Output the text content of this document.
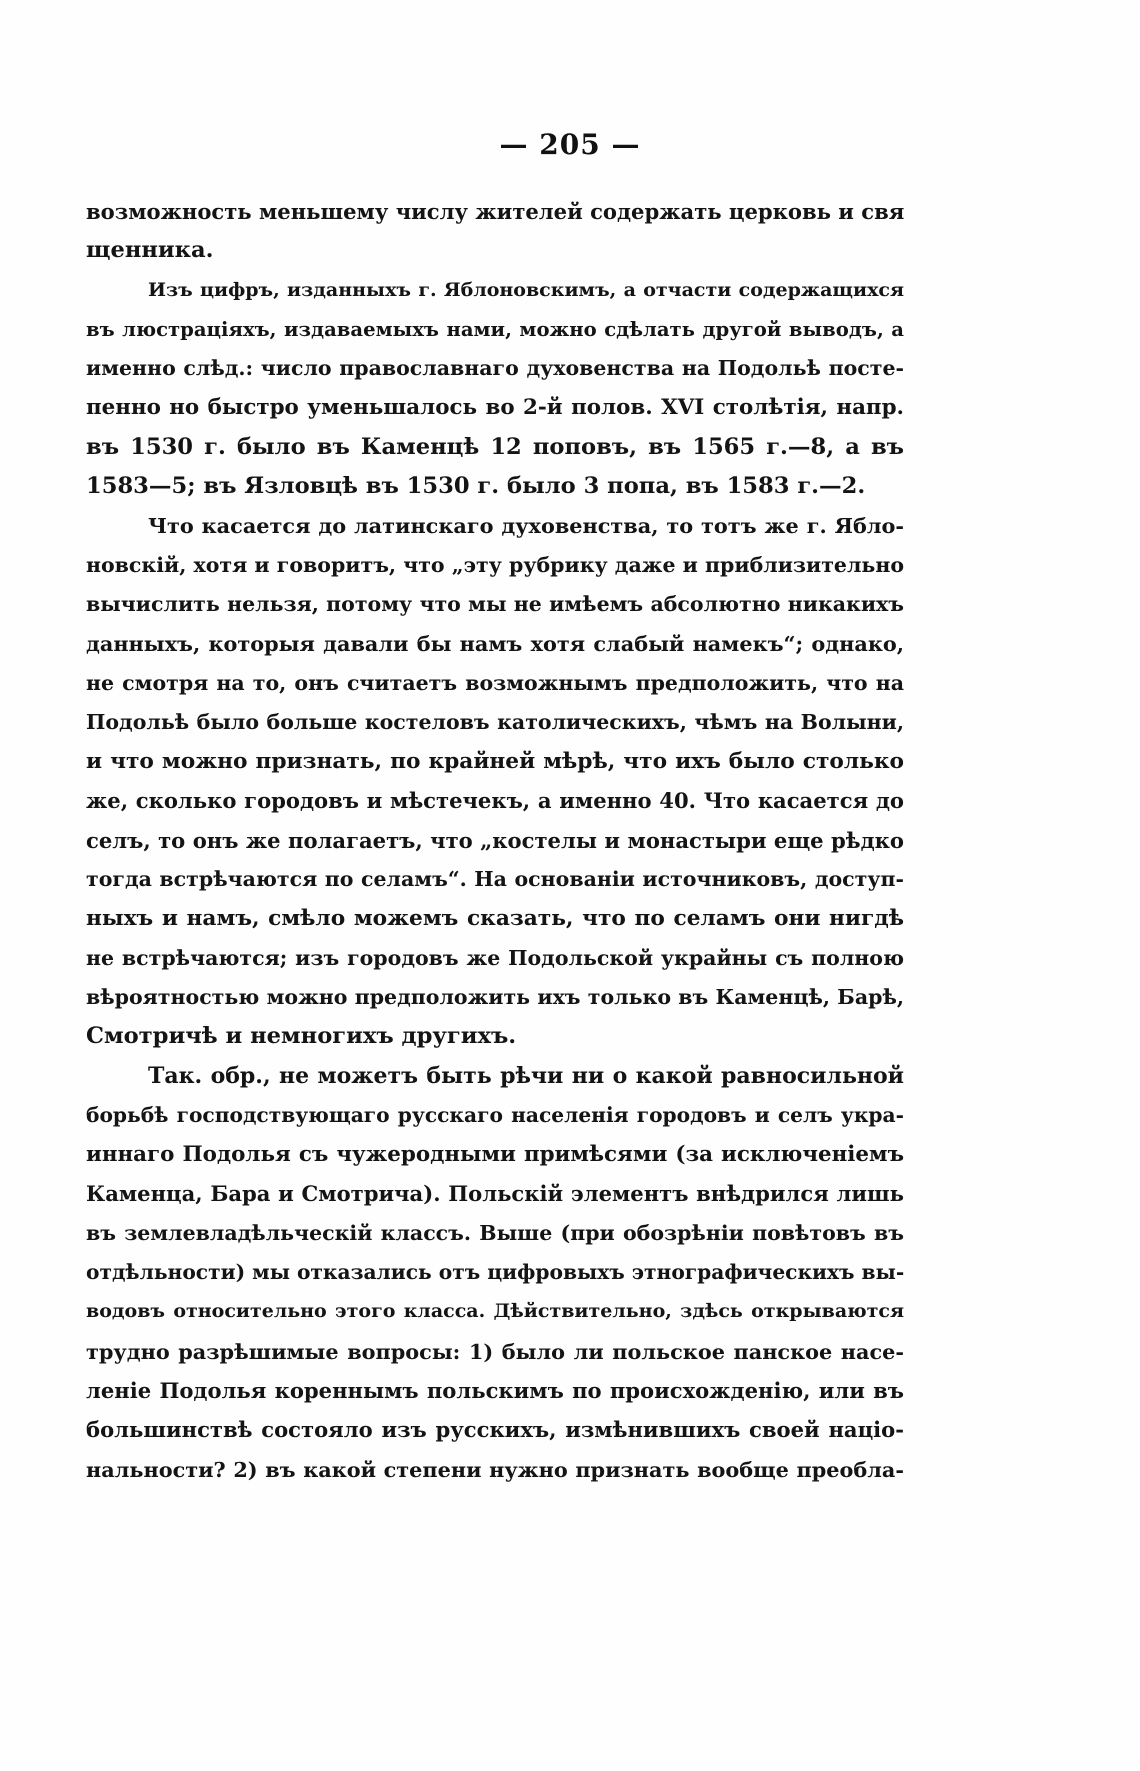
— 205 —
возможность меньшему числу жителей содержать церковь и свя
щенника.
Изъ цифръ, изданныхъ г. Яблоновскимъ, а отчасти содержащихся
въ люстраціяхъ, издаваемыхъ нами, можно сдѣлать другой выводъ, а
именно слѣд.: число православнаго духовенства на Подольѣ посте-
пенно но быстро уменьшалось во 2-й полов. XVI столѣтія, напр.
въ 1530 г. было въ Каменцѣ 12 поповъ, въ 1565 г.—8, а въ
1583—5; въ Язловцѣ въ 1530 г. было 3 попа, въ 1583 г.—2.
Что касается до латинскаго духовенства, то тотъ же г. Ябло-
новскій, хотя и говоритъ, что „эту рубрику даже и приблизительно
вычислить нельзя, потому что мы не имѣемъ абсолютно никакихъ
данныхъ, которыя давали бы намъ хотя слабый намекъ“; однако,
не смотря на то, онъ считаетъ возможнымъ предположить, что на
Подольѣ было больше костеловъ католическихъ, чѣмъ на Волыни,
и что можно признать, по крайней мѣрѣ, что ихъ было столько
же, сколько городовъ и мѣстечекъ, а именно 40. Что касается до
селъ, то онъ же полагаетъ, что „костелы и монастыри еще рѣдко
тогда встрѣчаются по селамъ“. На основаніи источниковъ, доступ-
ныхъ и намъ, смѣло можемъ сказать, что по селамъ они нигдѣ
не встрѣчаются; изъ городовъ же Подольской украйны съ полною
вѣроятностью можно предположить ихъ только въ Каменцѣ, Барѣ,
Смотричѣ и немногихъ другихъ.
Так. обр., не можетъ быть рѣчи ни о какой равносильной
борьбѣ господствующаго русскаго населенія городовъ и селъ укра-
иннаго Подолья съ чужеродными примѣсями (за исключеніемъ
Каменца, Бара и Смотрича). Польскій элементъ внѣдрился лишь
въ землевладѣльческій классъ. Выше (при обозрѣніи повѣтовъ въ
отдѣльности) мы отказались отъ цифровыхъ этнографическихъ вы-
водовъ относительно этого класса. Дѣйствительно, здѣсь открываются
трудно разрѣшимые вопросы: 1) было ли польское панское насе-
леніе Подолья кореннымъ польскимъ по происхожденію, или въ
большинствѣ состояло изъ русскихъ, измѣнившихъ своей націо-
нальности? 2) въ какой степени нужно признать вообще преобла-
